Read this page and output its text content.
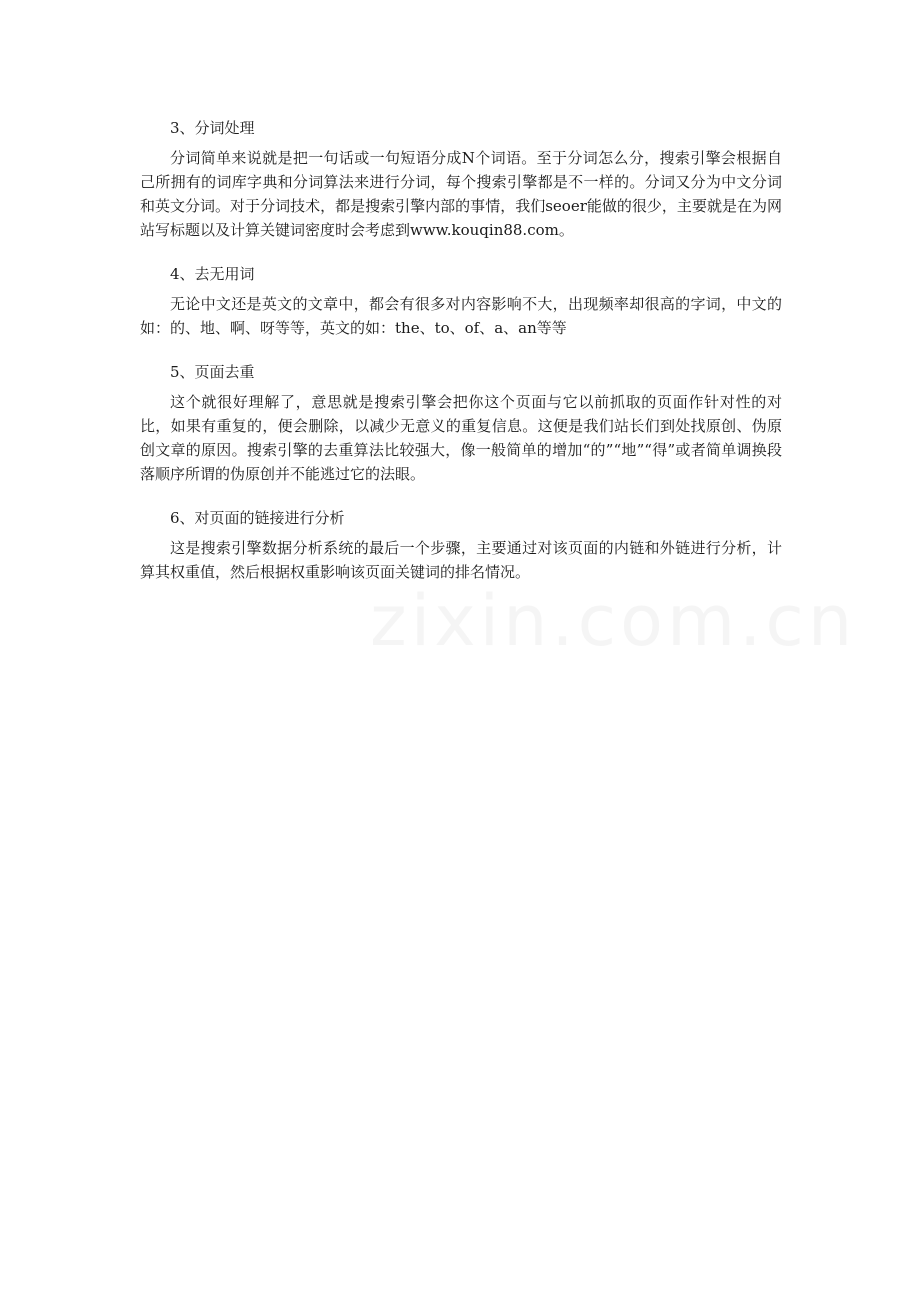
3、分词处理

分词简单来说就是把一句话或一句短语分成N个词语。至于分词怎么分，搜索引擎会根据自己所拥有的词库字典和分词算法来进行分词，每个搜索引擎都是不一样的。分词又分为中文分词和英文分词。对于分词技术，都是搜索引擎内部的事情，我们seoer能做的很少，主要就是在为网站写标题以及计算关键词密度时会考虑到www.kouqin88.com。

4、去无用词

无论中文还是英文的文章中，都会有很多对内容影响不大，出现频率却很高的字词，中文的如：的、地、啊、呀等等，英文的如：the、to、of、a、an等等

5、页面去重

这个就很好理解了，意思就是搜索引擎会把你这个页面与它以前抓取的页面作针对性的对比，如果有重复的，便会删除，以减少无意义的重复信息。这便是我们站长们到处找原创、伪原创文章的原因。搜索引擎的去重算法比较强大，像一般简单的增加“的”“地”“得”或者简单调换段落顺序所谓的伪原创并不能逃过它的法眼。

6、对页面的链接进行分析

这是搜索引擎数据分析系统的最后一个步骤，主要通过对该页面的内链和外链进行分析，计算其权重值，然后根据权重影响该页面关键词的排名情况。

zixin.com.cn
